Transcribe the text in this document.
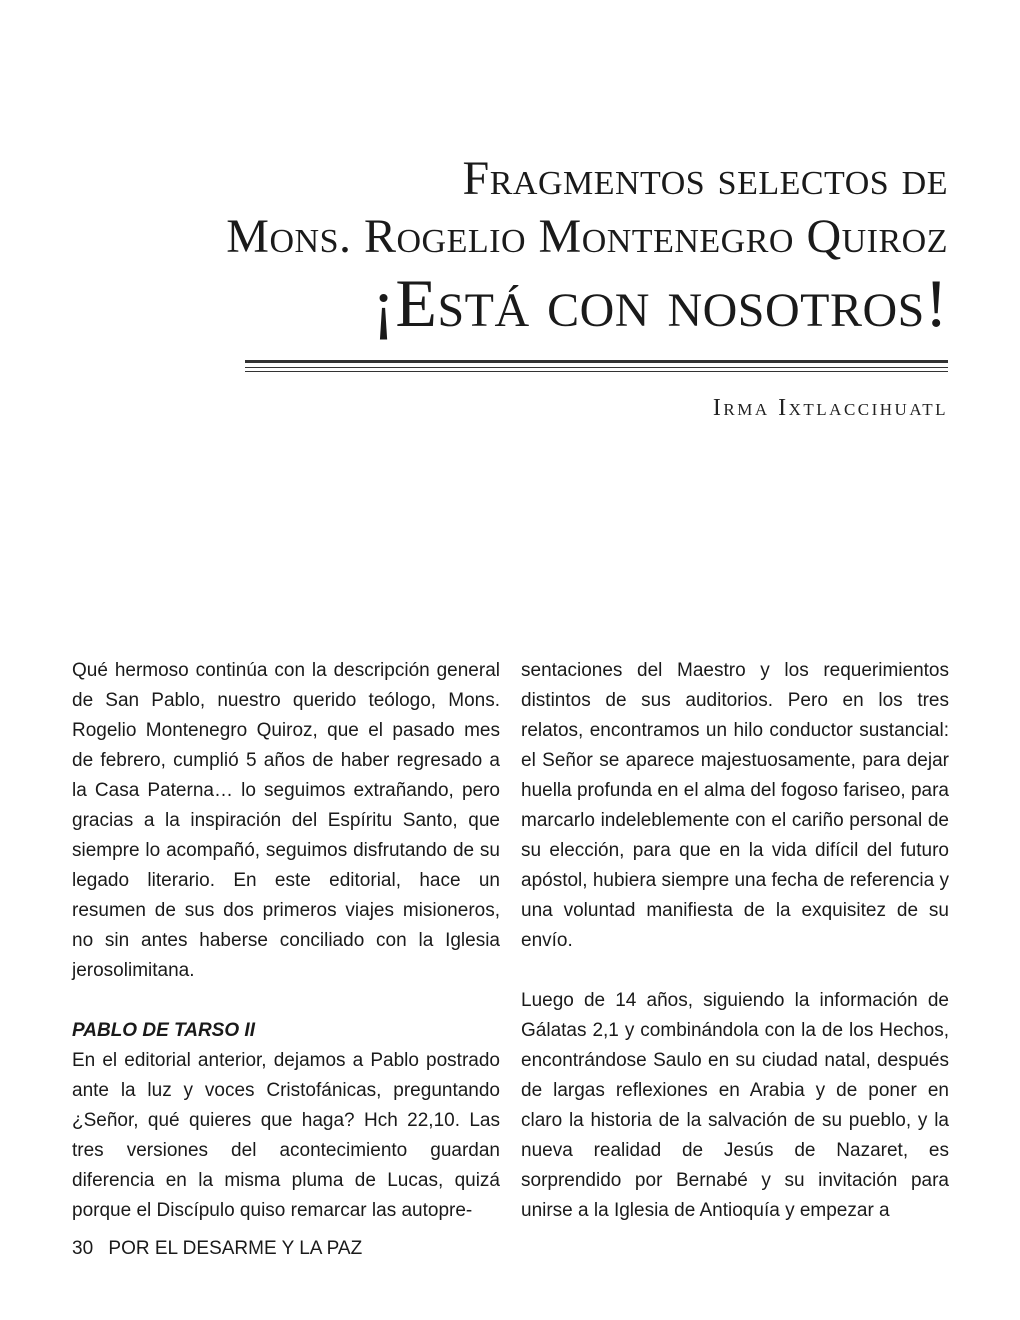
Fragmentos selectos de
Mons. Rogelio Montenegro Quiroz
¡Está con nosotros!
Irma Ixtlaccihuatl

Qué hermoso continúa con la descripción general de San Pablo, nuestro querido teólogo, Mons. Rogelio Montenegro Quiroz, que el pasado mes de febrero, cumplió 5 años de haber regresado a la Casa Paterna… lo seguimos extrañando, pero gracias a la inspiración del Espíritu Santo, que siempre lo acompañó, seguimos disfrutando de su legado literario. En este editorial, hace un resumen de sus dos primeros viajes misioneros, no sin antes haberse conciliado con la Iglesia jerosolimitana.

PABLO DE TARSO II

En el editorial anterior, dejamos a Pablo postrado ante la luz y voces Cristofánicas, preguntando ¿Señor, qué quieres que haga? Hch 22,10. Las tres versiones del acontecimiento guardan diferencia en la misma pluma de Lucas, quizá porque el Discípulo quiso remarcar las autopre-

sentaciones del Maestro y los requerimientos distintos de sus auditorios. Pero en los tres relatos, encontramos un hilo conductor sustancial: el Señor se aparece majestuosamente, para dejar huella profunda en el alma del fogoso fariseo, para marcarlo indeleblemente con el cariño personal de su elección, para que en la vida difícil del futuro apóstol, hubiera siempre una fecha de referencia y una voluntad manifiesta de la exquisitez de su envío.

Luego de 14 años, siguiendo la información de Gálatas 2,1 y combinándola con la de los Hechos, encontrándose Saulo en su ciudad natal, después de largas reflexiones en Arabia y de poner en claro la historia de la salvación de su pueblo, y la nueva realidad de Jesús de Nazaret, es sorprendido por Bernabé y su invitación para unirse a la Iglesia de Antioquía y empezar a

30 POR EL DESARME Y LA PAZ
